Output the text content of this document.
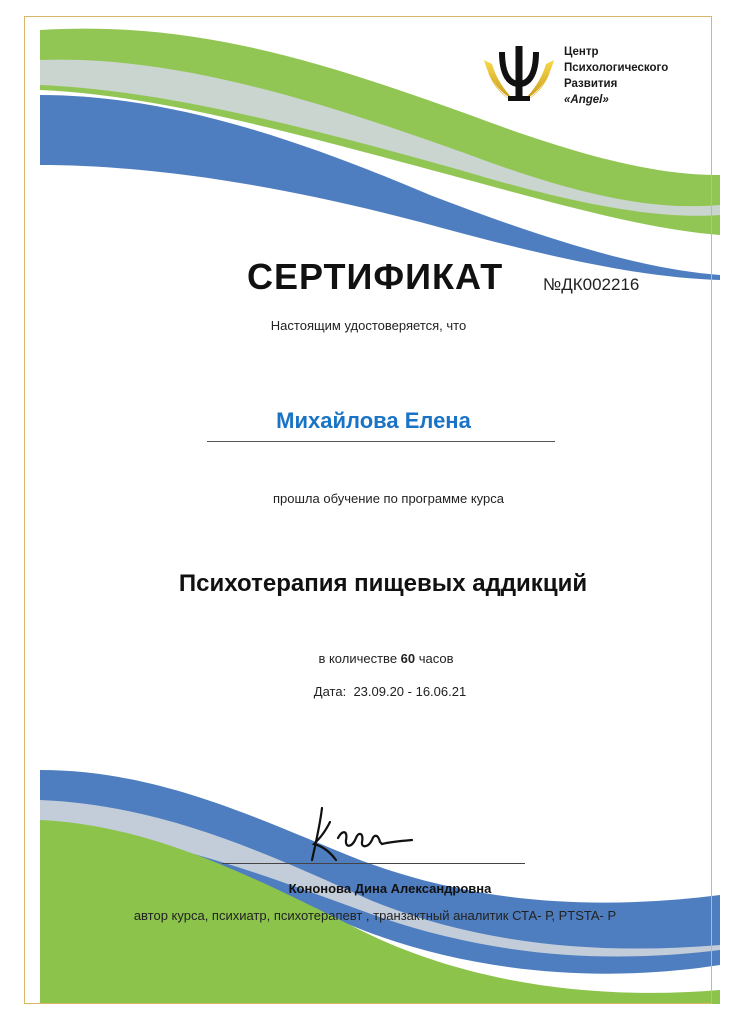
Центр
Психологического
Развития
«Angel»
СЕРТИФИКАТ №ДК002216
Настоящим удостоверяется, что
Михайлова Елена
прошла обучение по программе курса
Психотерапия пищевых аддикций
в количестве 60 часов
Дата: 23.09.20 - 16.06.21
Кононова Дина Александровна
автор курса, психиатр, психотерапевт , транзактный аналитик СТА- Р, PTSTA- Р
